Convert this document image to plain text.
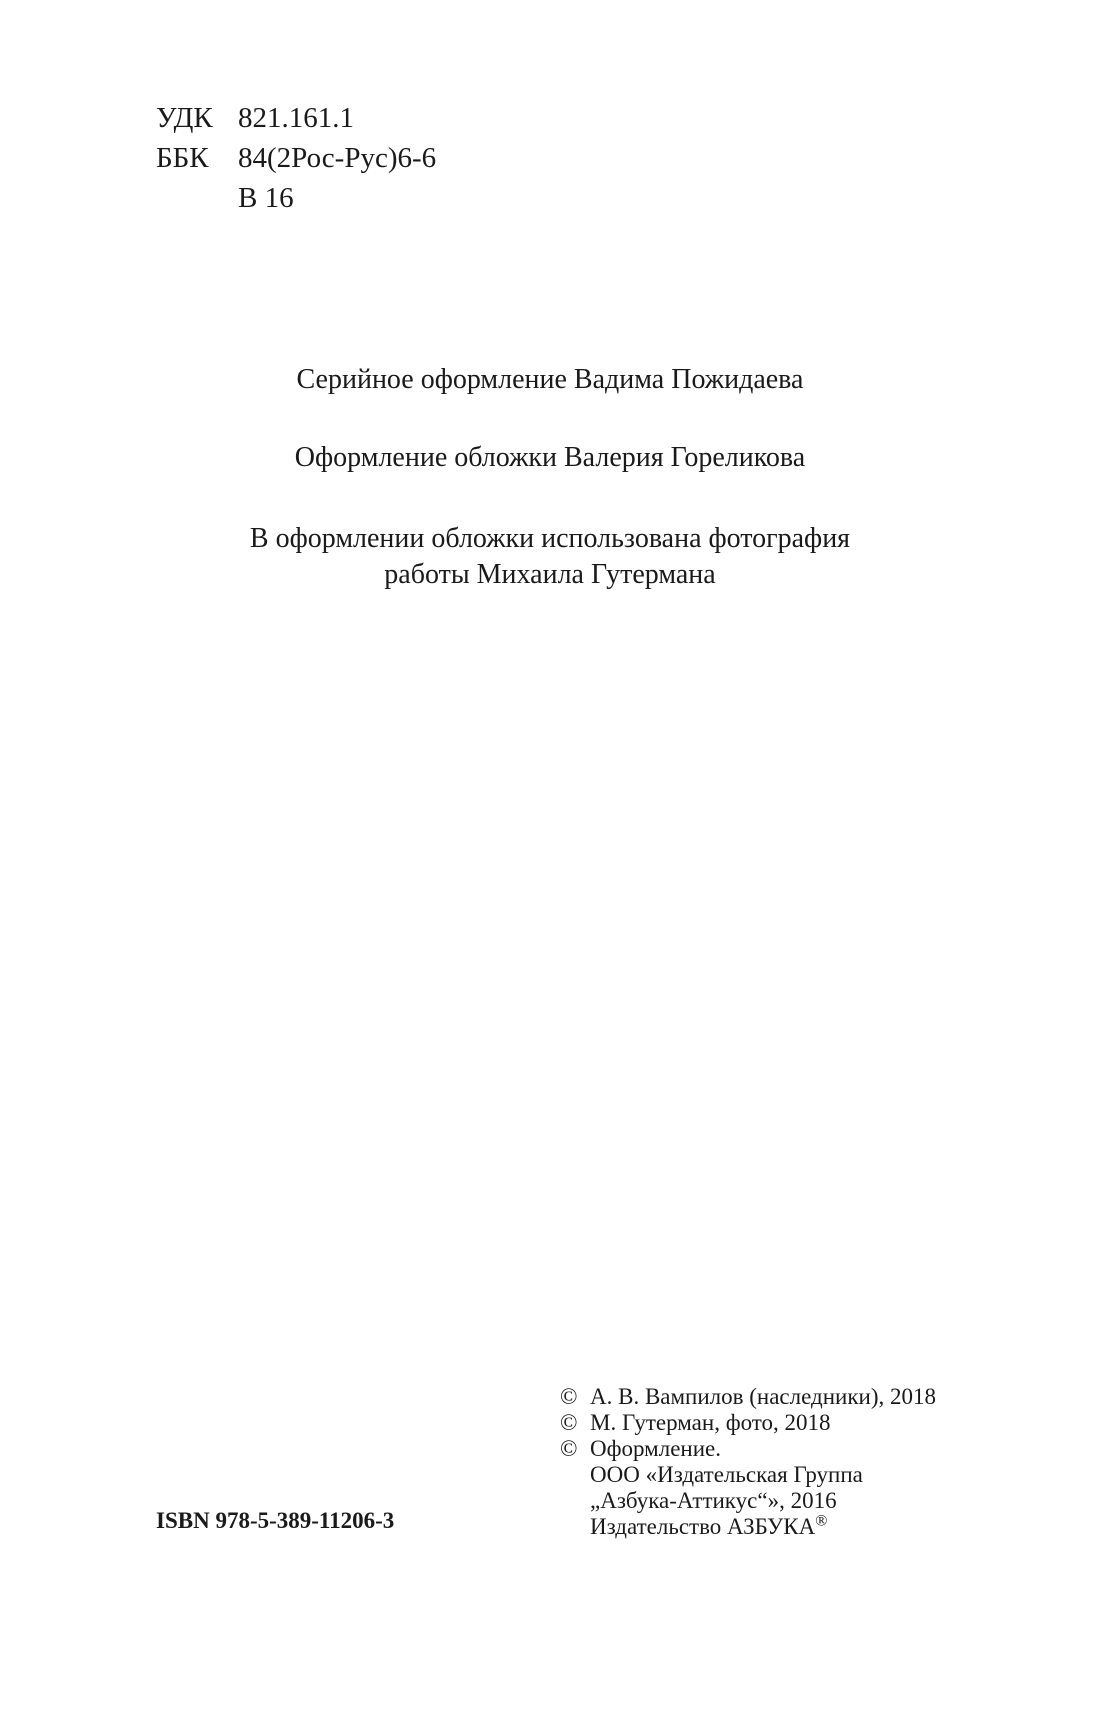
УДК 821.161.1
ББК	84(2Рос-Рус)6-6
В 16
Серийное оформление Вадима Пожидаева
Оформление обложки Валерия Гореликова
В оформлении обложки использована фотография
работы Михаила Гутермана
ISBN 978-5-389-11206-3
© А. В. Вампилов (наследники), 2018
© М. Гутерман, фото, 2018
© Оформление.
ООО «Издательская Группа
„Азбука-Аттикус“», 2016
Издательство АЗБУКА®
